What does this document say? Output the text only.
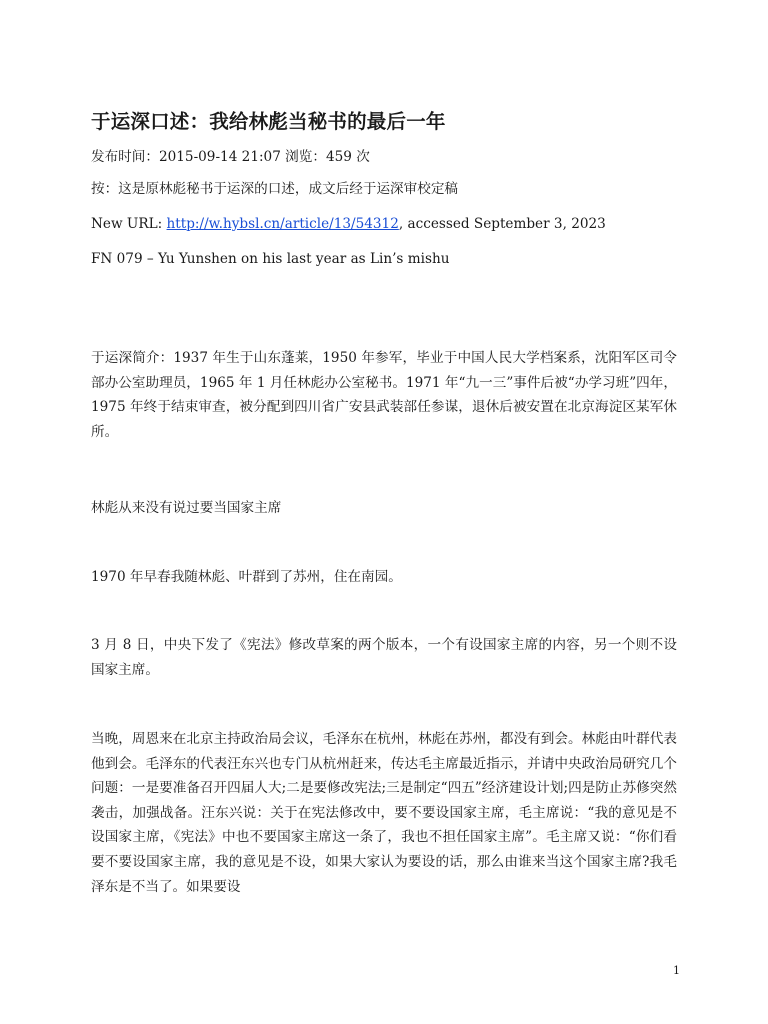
于运深口述：我给林彪当秘书的最后一年

发布时间：2015-09-14 21:07 浏览：459 次

按：这是原林彪秘书于运深的口述，成文后经于运深审校定稿

New URL: http://w.hybsl.cn/article/13/54312, accessed September 3, 2023

FN 079 – Yu Yunshen on his last year as Lin’s mishu

于运深简介：1937 年生于山东蓬莱，1950 年参军，毕业于中国人民大学档案系，沈阳军区司令部办公室助理员，1965 年 1 月任林彪办公室秘书。1971 年“九一三”事件后被“办学习班”四年，1975 年终于结束审查，被分配到四川省广安县武装部任参谋，退休后被安置在北京海淀区某军休所。

林彪从来没有说过要当国家主席

1970 年早春我随林彪、叶群到了苏州，住在南园。

3 月 8 日，中央下发了《宪法》修改草案的两个版本，一个有设国家主席的内容，另一个则不设国家主席。

当晚，周恩来在北京主持政治局会议，毛泽东在杭州，林彪在苏州，都没有到会。林彪由叶群代表他到会。毛泽东的代表汪东兴也专门从杭州赶来，传达毛主席最近指示，并请中央政治局研究几个问题：一是要准备召开四届人大;二是要修改宪法;三是制定“四五”经济建设计划;四是防止苏修突然袭击，加强战备。汪东兴说：关于在宪法修改中，要不要设国家主席，毛主席说：“我的意见是不设国家主席，《宪法》中也不要国家主席这一条了，我也不担任国家主席”。毛主席又说：“你们看要不要设国家主席，我的意见是不设，如果大家认为要设的话，那么由谁来当这个国家主席?我毛泽东是不当了。如果要设

1
